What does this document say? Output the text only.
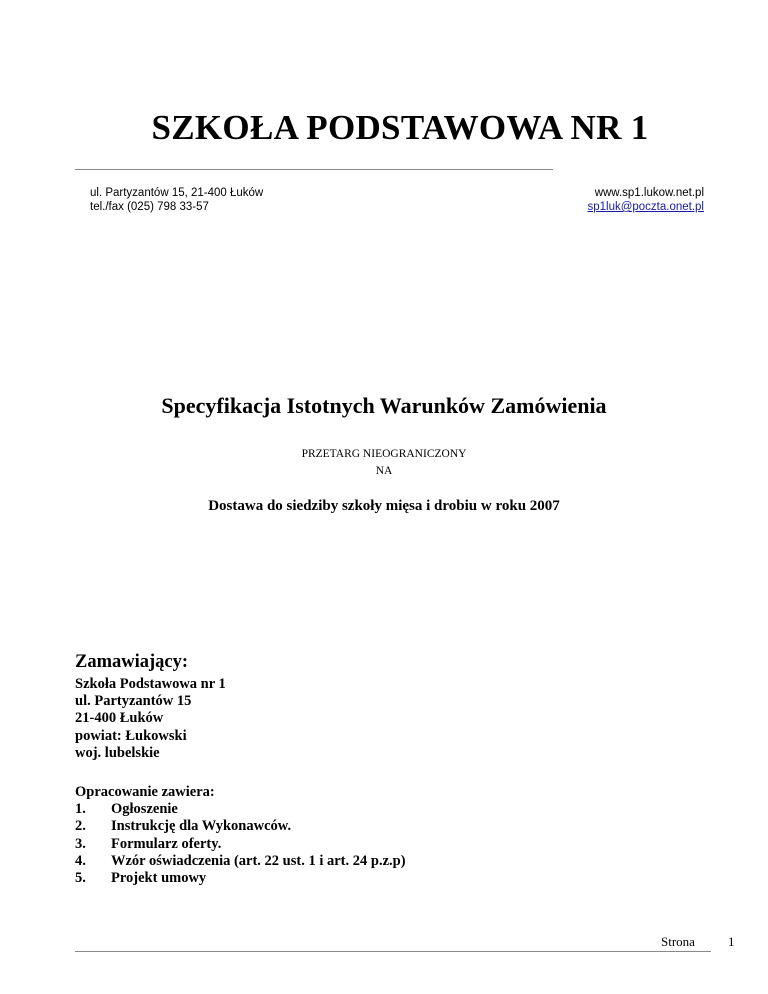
SZKOŁA PODSTAWOWA NR 1
ul. Partyzantów 15, 21-400 Łuków
tel./fax (025) 798 33-57
www.sp1.lukow.net.pl
sp1luk@poczta.onet.pl
Specyfikacja Istotnych Warunków Zamówienia
PRZETARG NIEOGRANICZONY
NA
Dostawa do siedziby szkoły mięsa i drobiu w roku 2007
Zamawiający:
Szkoła Podstawowa nr 1
ul. Partyzantów 15
21-400 Łuków
powiat: Łukowski
woj. lubelskie
Opracowanie zawiera:
1.	Ogłoszenie
2.	Instrukcję dla Wykonawców.
3.	Formularz oferty.
4.	Wzór oświadczenia (art. 22 ust. 1 i art. 24 p.z.p)
5.	Projekt umowy
Strona	1
